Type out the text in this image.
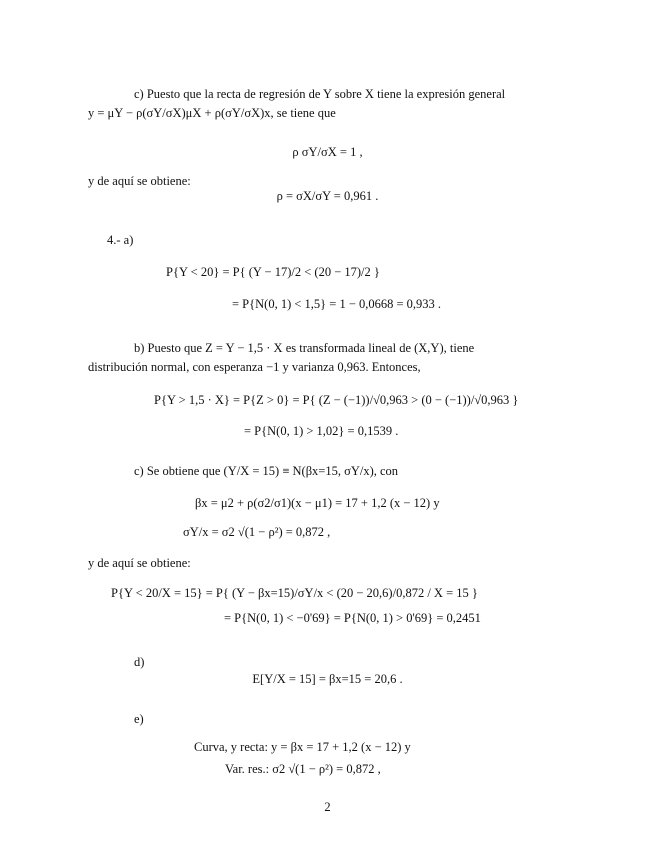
c) Puesto que la recta de regresión de Y sobre X tiene la expresión general
y = μY − ρ(σY/σX)μX + ρ(σY/σX)x, se tiene que
ρ σY/σX = 1 ,
y de aquí se obtiene:
ρ = σX/σY = 0,961 .
4.- a)
P{Y < 20} = P{ (Y − 17)/2 < (20 − 17)/2 }
= P{N(0, 1) < 1,5} = 1 − 0,0668 = 0,933 .
b) Puesto que Z = Y − 1,5 · X es transformada lineal de (X,Y), tiene
distribución normal, con esperanza −1 y varianza 0,963. Entonces,
P{Y > 1,5 · X} = P{Z > 0} = P{ (Z − (−1))/√0,963 > (0 − (−1))/√0,963 }
= P{N(0, 1) > 1,02} = 0,1539 .
c) Se obtiene que (Y/X = 15) ≡ N(βx=15, σY/x), con
βx = μ2 + ρ(σ2/σ1)(x − μ1) = 17 + 1,2 (x − 12) y
σY/x = σ2 √(1 − ρ²) = 0,872 ,
y de aquí se obtiene:
P{Y < 20/X = 15} = P{ (Y − βx=15)/σY/x < (20 − 20,6)/0,872 / X = 15 }
= P{N(0, 1) < −0'69} = P{N(0, 1) > 0'69} = 0,2451
d)
E[Y/X = 15] = βx=15 = 20,6 .
e)
Curva, y recta: y = βx = 17 + 1,2 (x − 12) y
Var. res.: σ2 √(1 − ρ²) = 0,872 ,
2
